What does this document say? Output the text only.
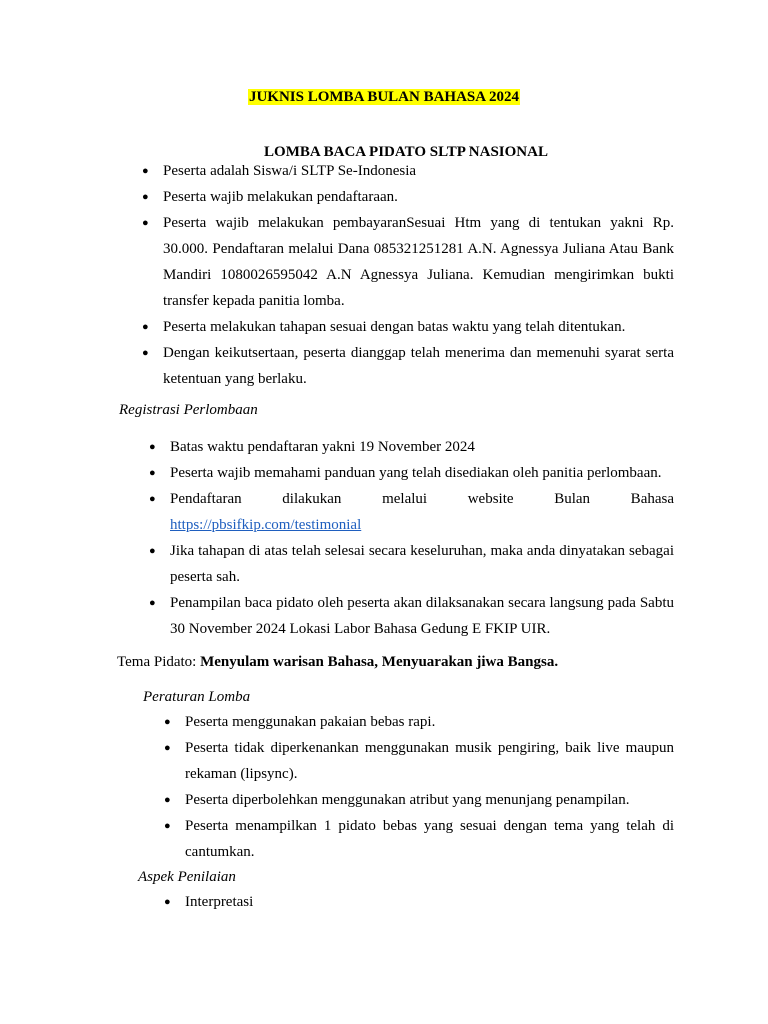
JUKNIS LOMBA BULAN BAHASA 2024
LOMBA BACA PIDATO SLTP NASIONAL
● Peserta adalah Siswa/i SLTP Se-Indonesia
● Peserta wajib melakukan pendaftaraan.
● Peserta wajib melakukan pembayaranSesuai Htm yang di tentukan yakni Rp. 30.000. Pendaftaran melalui Dana 085321251281 A.N. Agnessya Juliana Atau Bank Mandiri 1080026595042 A.N Agnessya Juliana. Kemudian mengirimkan bukti transfer kepada panitia lomba.
● Peserta melakukan tahapan sesuai dengan batas waktu yang telah ditentukan.
● Dengan keikutsertaan, peserta dianggap telah menerima dan memenuhi syarat serta ketentuan yang berlaku.
Registrasi Perlombaan
● Batas waktu pendaftaran yakni 19 November 2024
● Peserta wajib memahami panduan yang telah disediakan oleh panitia perlombaan.
● Pendaftaran dilakukan melalui website Bulan Bahasa
https://pbsifkip.com/testimonial
● Jika tahapan di atas telah selesai secara keseluruhan, maka anda dinyatakan sebagai peserta sah.
● Penampilan baca pidato oleh peserta akan dilaksanakan secara langsung pada Sabtu 30 November 2024 Lokasi Labor Bahasa Gedung E FKIP UIR.
Tema Pidato: Menyulam warisan Bahasa, Menyuarakan jiwa Bangsa.
Peraturan Lomba
● Peserta menggunakan pakaian bebas rapi.
● Peserta tidak diperkenankan menggunakan musik pengiring, baik live maupun rekaman (lipsync).
● Peserta diperbolehkan menggunakan atribut yang menunjang penampilan.
● Peserta menampilkan 1 pidato bebas yang sesuai dengan tema yang telah di cantumkan.
Aspek Penilaian
● Interpretasi
